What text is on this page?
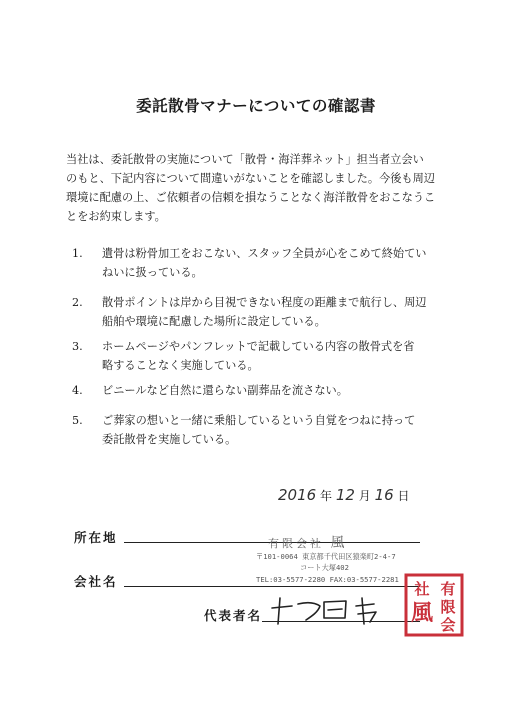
委託散骨マナーについての確認書

当社は、委託散骨の実施について「散骨・海洋葬ネット」担当者立会い
のもと、下記内容について間違いがないことを確認しました。今後も周辺
環境に配慮の上、ご依頼者の信頼を損なうことなく海洋散骨をおこなうこ
とをお約束します。

1. 遺骨は粉骨加工をおこない、スタッフ全員が心をこめて終始てい
ねいに扱っている。
2. 散骨ポイントは岸から目視できない程度の距離まで航行し、周辺
船舶や環境に配慮した場所に設定している。
3. ホームページやパンフレットで記載している内容の散骨式を省
略することなく実施している。
4. ビニールなど自然に還らない副葬品を流さない。
5. ご葬家の想いと一緒に乗船しているという自覚をつねに持って
委託散骨を実施している。
2016 年 12 月 16 日
所在地	有限会社 風
〒101-0064 東京都千代田区猿楽町2-4-7
コート大塚402
会社名	TEL:03-5577-2280 FAX:03-5577-2281
代表者名
有
限
会
社
風
